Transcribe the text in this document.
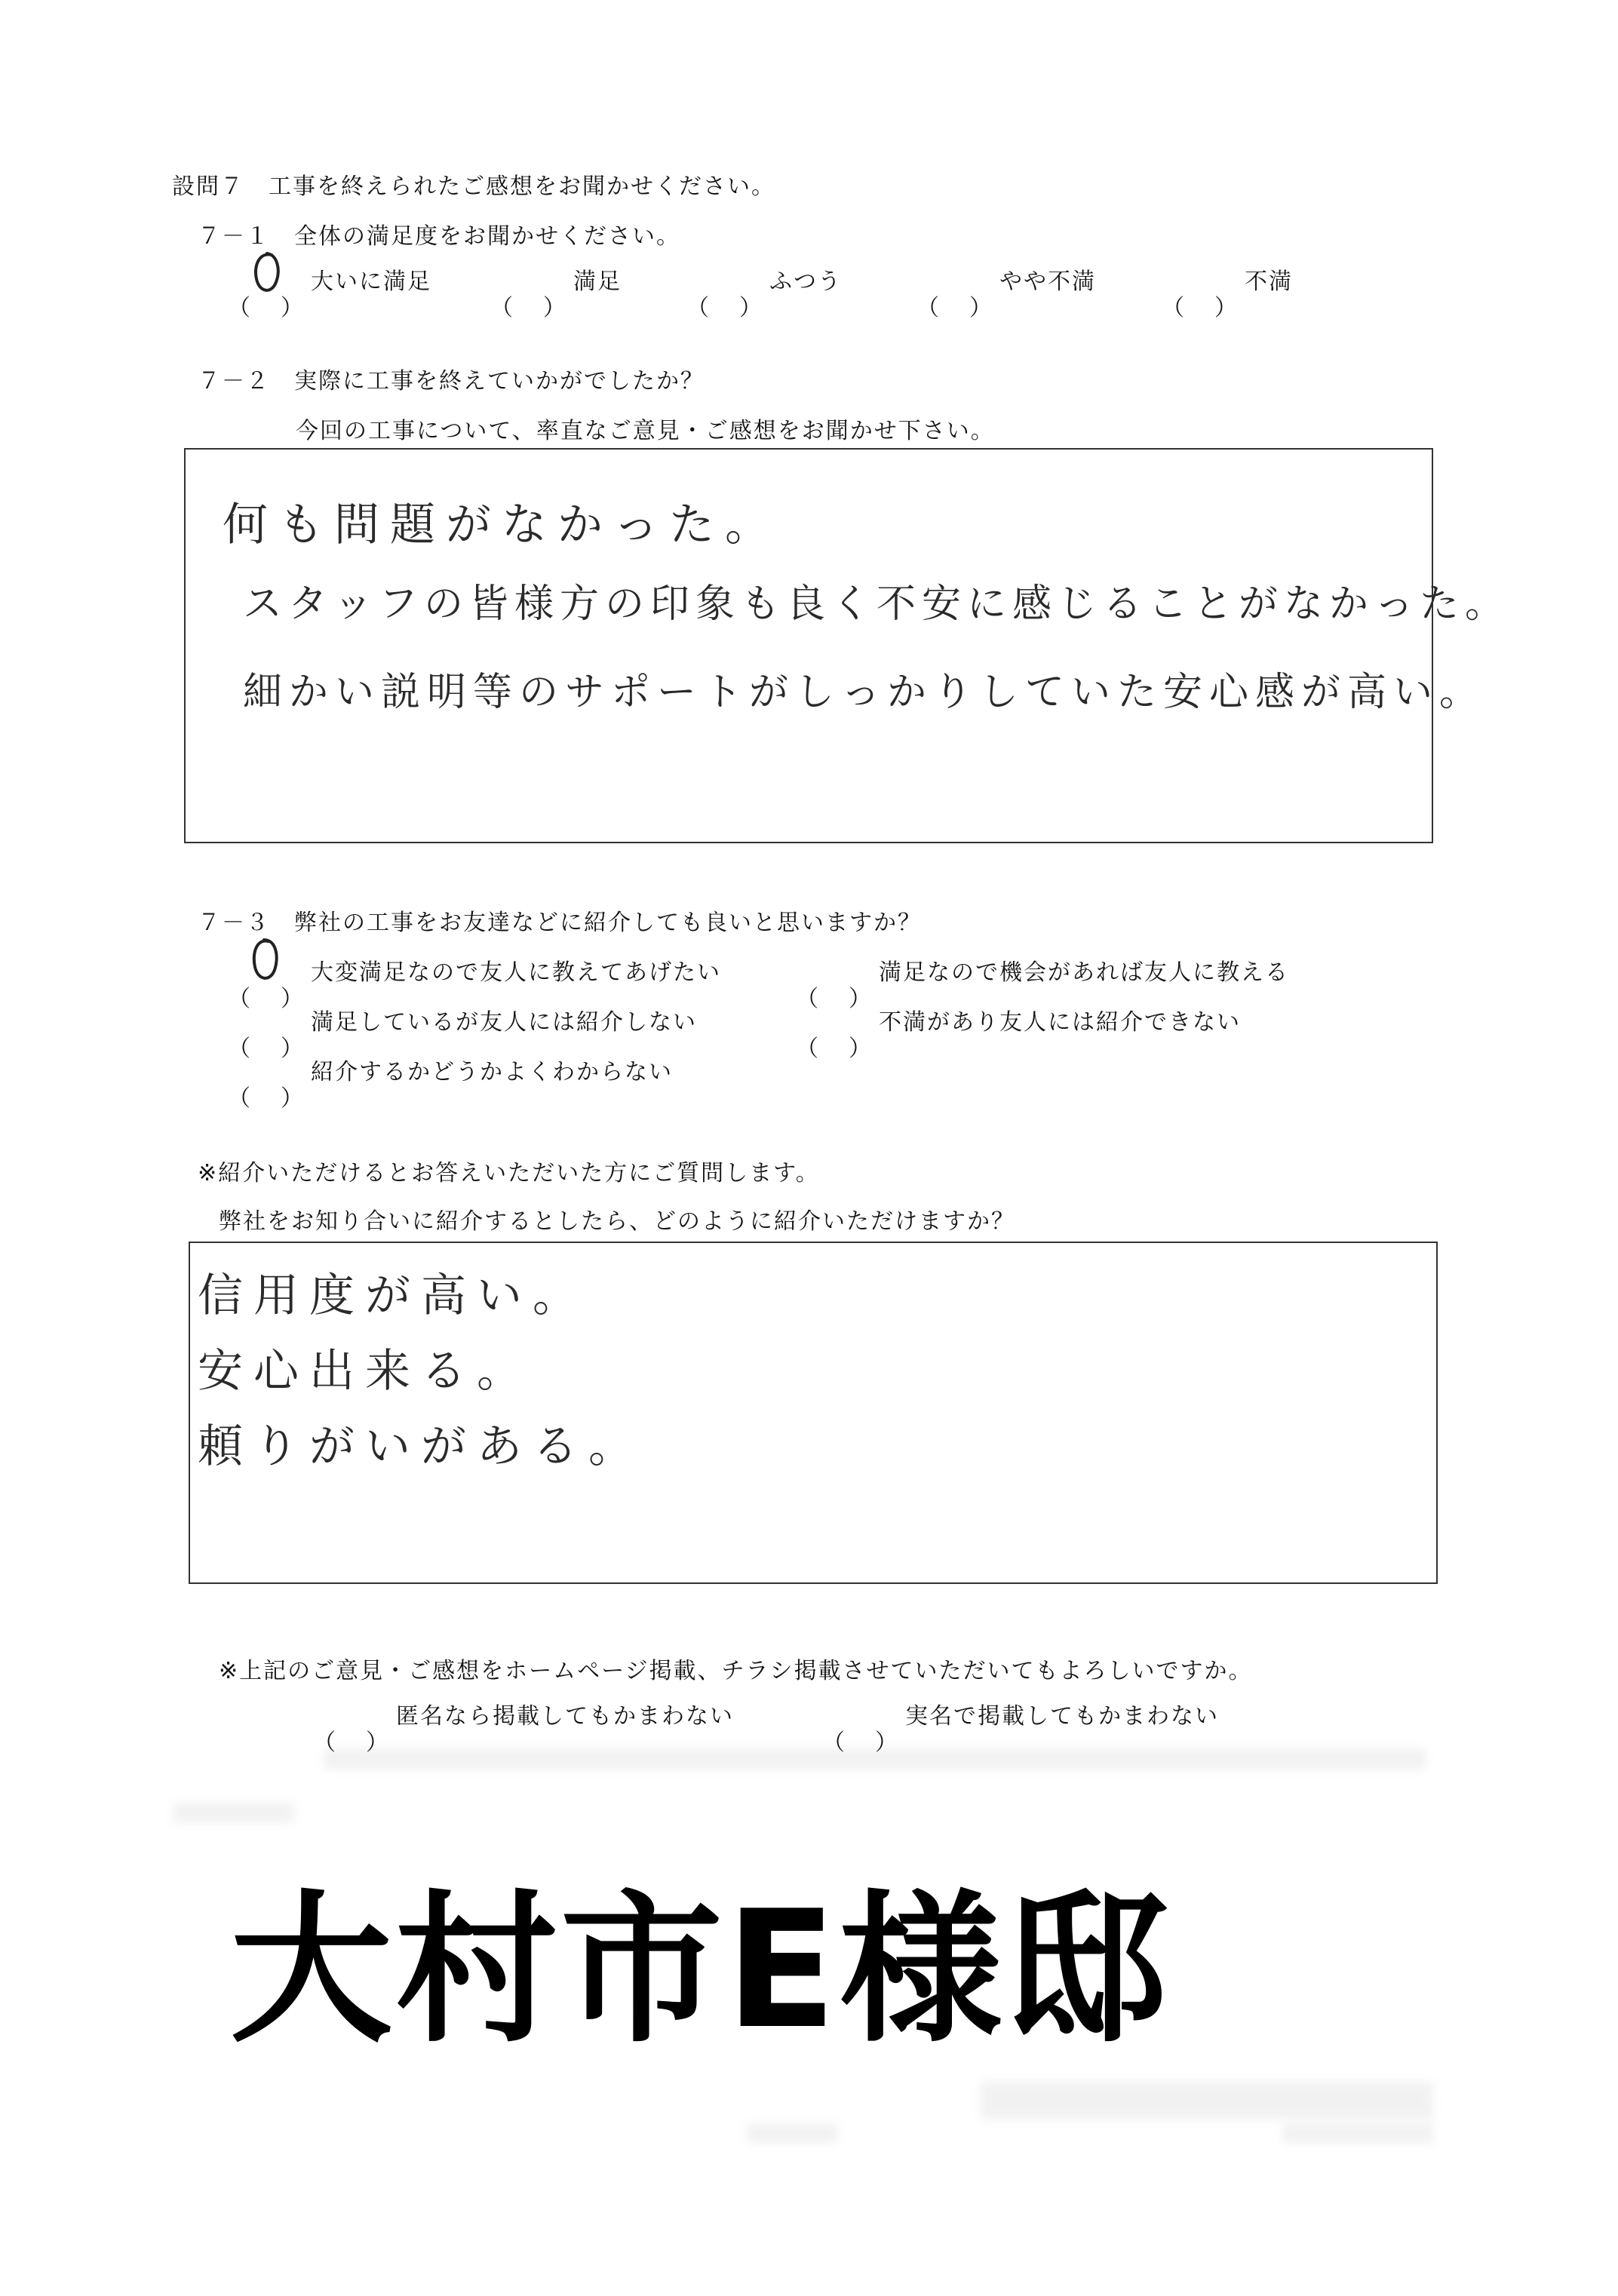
設問７　工事を終えられたご感想をお聞かせください。
７－１　全体の満足度をお聞かせください。
（ ）
大いに満足
（ ）
満足
（ ）
ふつう
（ ）
やや不満
（ ）
不満
７－２　実際に工事を終えていかがでしたか？
今回の工事について、率直なご意見・ご感想をお聞かせ下さい。
何も問題がなかった。
スタッフの皆様方の印象も良く不安に感じることがなかった。
細かい説明等のサポートがしっかりしていた安心感が高い。
７－３　弊社の工事をお友達などに紹介しても良いと思いますか？
（ ）
大変満足なので友人に教えてあげたい
（ ）
満足なので機会があれば友人に教える
（ ）
満足しているが友人には紹介しない
（ ）
不満があり友人には紹介できない
（ ）
紹介するかどうかよくわからない
※紹介いただけるとお答えいただいた方にご質問します。
弊社をお知り合いに紹介するとしたら、どのように紹介いただけますか？
信用度が高い。
安心出来る。
頼りがいがある。
※上記のご意見・ご感想をホームページ掲載、チラシ掲載させていただいてもよろしいですか。
（ ）
匿名なら掲載してもかまわない
（ ）
実名で掲載してもかまわない
大村市E様邸
